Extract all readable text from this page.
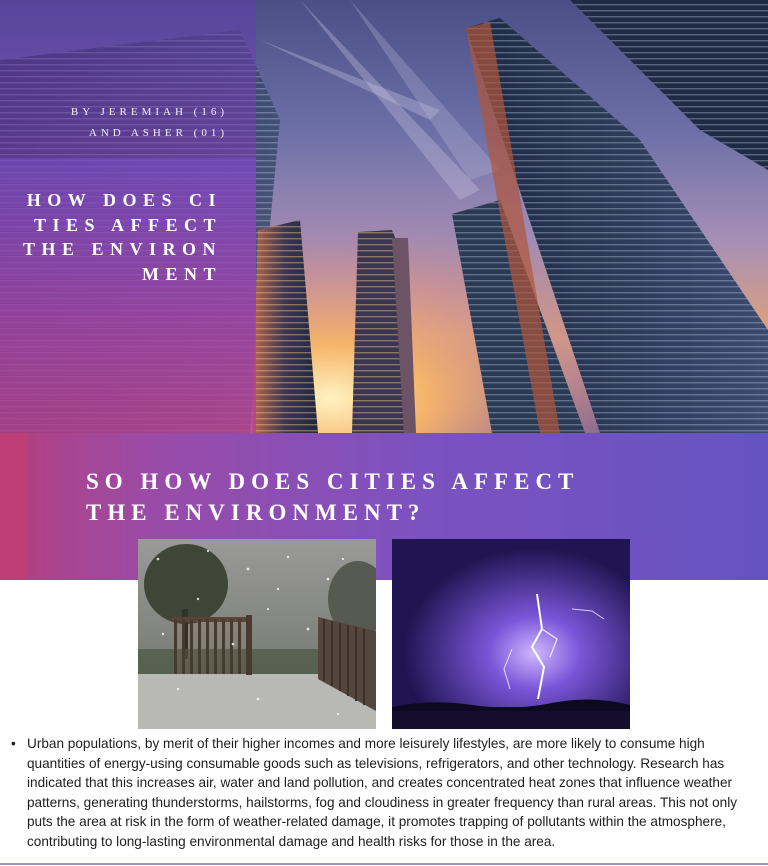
BY JEREMIAH (16)
AND ASHER (01)
HOW DOES CITIES AFFECT THE ENVIRONMENT
SO HOW DOES CITIES AFFECT THE ENVIRONMENT?
• Urban populations, by merit of their higher incomes and more leisurely lifestyles, are more likely to consume high quantities of energy-using consumable goods such as televisions, refrigerators, and other technology. Research has indicated that this increases air, water and land pollution, and creates concentrated heat zones that influence weather patterns, generating thunderstorms, hailstorms, fog and cloudiness in greater frequency than rural areas. This not only puts the area at risk in the form of weather-related damage, it promotes trapping of pollutants within the atmosphere, contributing to long-lasting environmental damage and health risks for those in the area.
